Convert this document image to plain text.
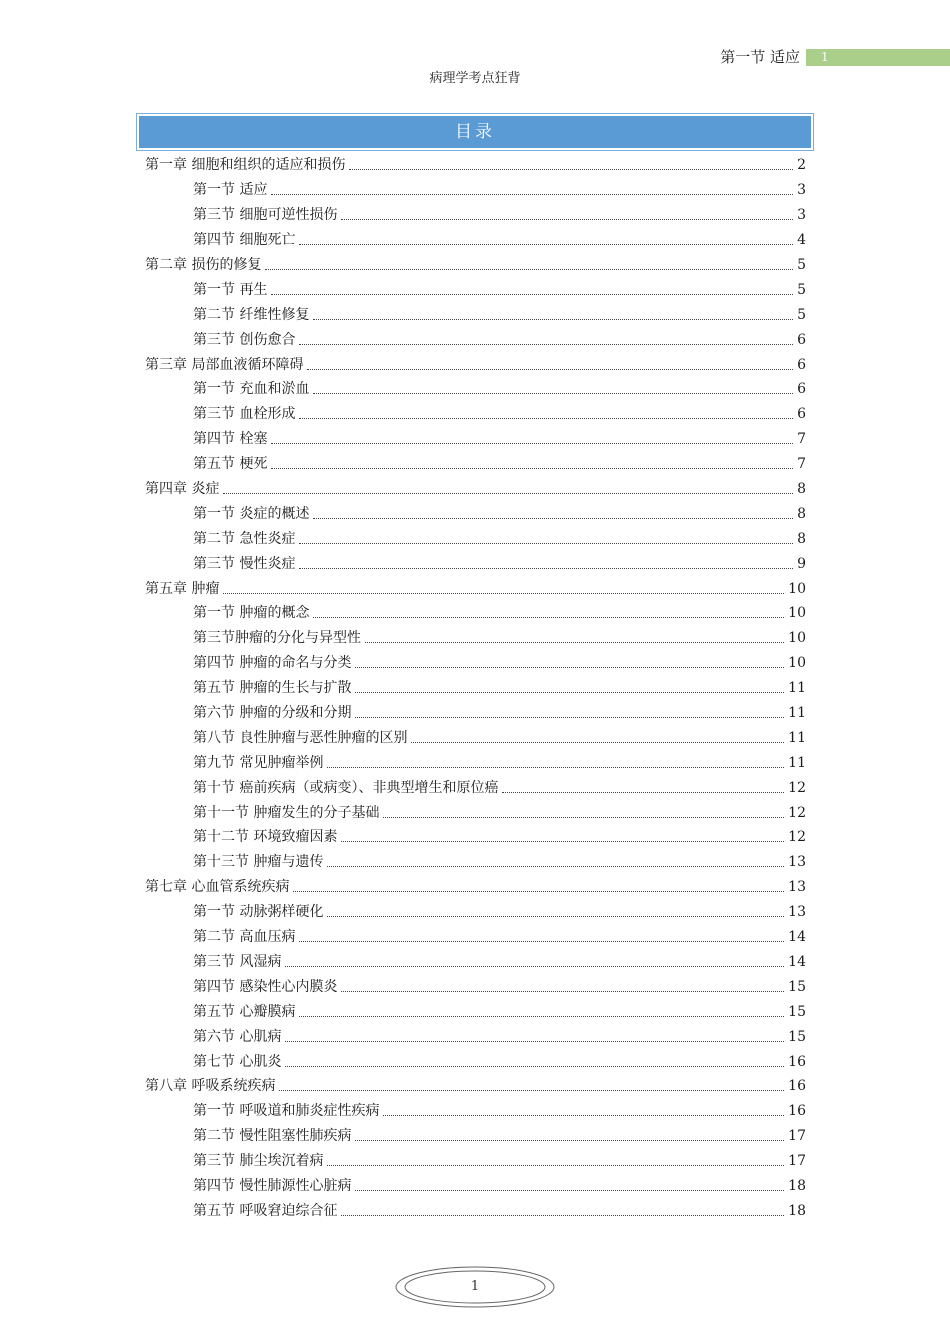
第一节 适应 1
病理学考点狂背
目录
第一章 细胞和组织的适应和损伤	2
第一节 适应	3
第三节 细胞可逆性损伤	3
第四节 细胞死亡	4
第二章 损伤的修复	5
第一节 再生	5
第二节 纤维性修复	5
第三节 创伤愈合	6
第三章 局部血液循环障碍	6
第一节 充血和淤血	6
第三节 血栓形成	6
第四节 栓塞	7
第五节 梗死	7
第四章 炎症	8
第一节 炎症的概述	8
第二节 急性炎症	8
第三节 慢性炎症	9
第五章 肿瘤	10
第一节 肿瘤的概念	10
第三节肿瘤的分化与异型性	10
第四节 肿瘤的命名与分类	10
第五节 肿瘤的生长与扩散	11
第六节 肿瘤的分级和分期	11
第八节 良性肿瘤与恶性肿瘤的区别	11
第九节 常见肿瘤举例	11
第十节 癌前疾病（或病变）、非典型增生和原位癌	12
第十一节 肿瘤发生的分子基础	12
第十二节 环境致瘤因素	12
第十三节 肿瘤与遗传	13
第七章 心血管系统疾病	13
第一节 动脉粥样硬化	13
第二节 高血压病	14
第三节 风湿病	14
第四节 感染性心内膜炎	15
第五节 心瓣膜病	15
第六节 心肌病	15
第七节 心肌炎	16
第八章 呼吸系统疾病	16
第一节 呼吸道和肺炎症性疾病	16
第二节 慢性阻塞性肺疾病	17
第三节 肺尘埃沉着病	17
第四节 慢性肺源性心脏病	18
第五节 呼吸窘迫综合征	18
1
